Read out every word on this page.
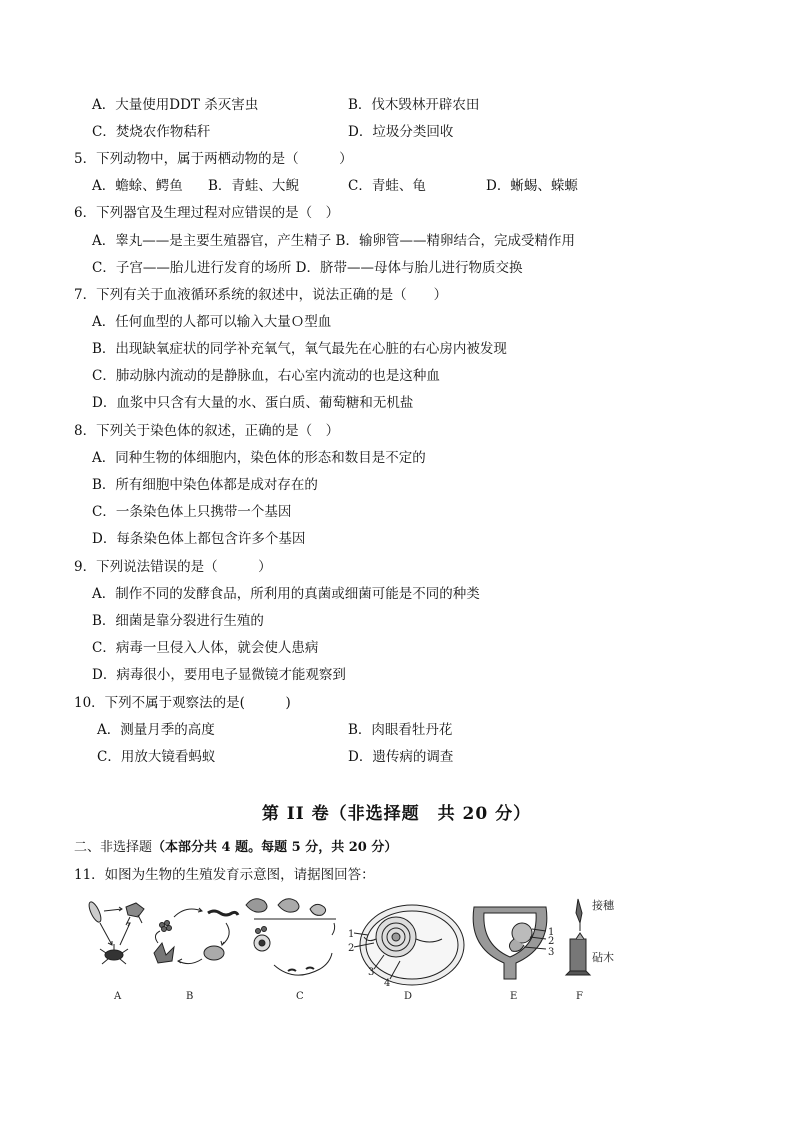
A．大量使用DDT 杀灭害虫	B．伐木毁林开辟农田
C．焚烧农作物秸秆	D．垃圾分类回收
5．下列动物中，属于两栖动物的是（　　　）
A．蟾蜍、鳄鱼 B．青蛙、大鲵	C．青蛙、龟	D．蜥蜴、蝾螈
6．下列器官及生理过程对应错误的是（　）
A．睾丸——是主要生殖器官，产生精子 B．输卵管——精卵结合，完成受精作用
C．子宫——胎儿进行发育的场所 D．脐带——母体与胎儿进行物质交换
7．下列有关于血液循环系统的叙述中，说法正确的是（　　）
A．任何血型的人都可以输入大量Ｏ型血
B．出现缺氧症状的同学补充氧气，氧气最先在心脏的右心房内被发现
C．肺动脉内流动的是静脉血，右心室内流动的也是这种血
D．血浆中只含有大量的水、蛋白质、葡萄糖和无机盐
8．下列关于染色体的叙述，正确的是（　）
A．同种生物的体细胞内，染色体的形态和数目是不定的
B．所有细胞中染色体都是成对存在的
C．一条染色体上只携带一个基因
D．每条染色体上都包含许多个基因
9．下列说法错误的是（　　　）
A．制作不同的发酵食品，所利用的真菌或细菌可能是不同的种类
B．细菌是靠分裂进行生殖的
C．病毒一旦侵入人体，就会使人患病
D．病毒很小，要用电子显微镜才能观察到
10．下列不属于观察法的是(　　　)
A．测量月季的高度	B．肉眼看牡丹花
C．用放大镜看蚂蚁	D．遗传病的调查
第 II 卷（非选择题　共 20 分）
二、非选择题（本部分共 4 题。每题 5 分，共 20 分）
11．如图为生物的生殖发育示意图，请据图回答：
1
2
3
4
1
2
3
接穗
砧木
A	B	C	D	E	F
